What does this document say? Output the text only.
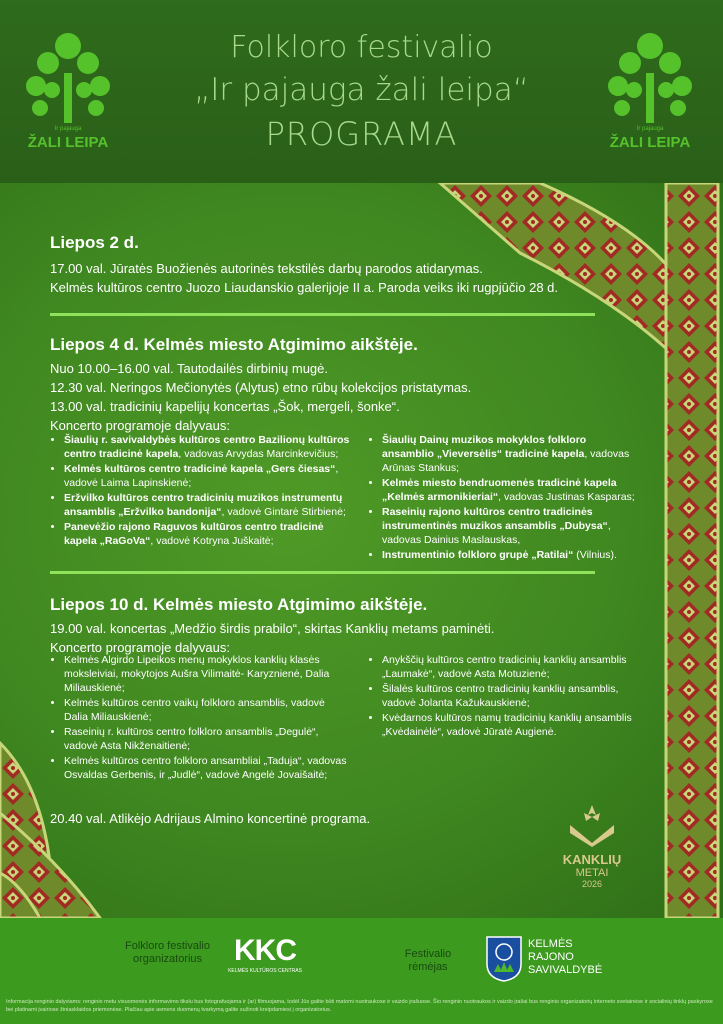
Ir pajauga
ŽALI LEIPA
Ir pajauga
ŽALI LEIPA
Folkloro festivalio
„Ir pajauga žali leipa“
PROGRAMA
Liepos 2 d.
17.00 val. Jūratės Buožienės autorinės tekstilės darbų parodos atidarymas.
Kelmės kultūros centro Juozo Liaudanskio galerijoje II a. Paroda veiks iki rugpjūčio 28 d.
Liepos 4 d. Kelmės miesto Atgimimo aikštėje.
Nuo 10.00–16.00 val. Tautodailės dirbinių mugė.
12.30 val. Neringos Mečionytės (Alytus) etno rūbų kolekcijos pristatymas.
13.00 val. tradicinių kapelijų koncertas „Šok, mergeli, šonke“.
Koncerto programoje dalyvaus:
• Šiaulių r. savivaldybės kultūros centro Bazilionų kultūros centro tradicinė kapela, vadovas Arvydas Marcinkevičius;
• Kelmės kultūros centro tradicinė kapela „Gers čiesas“, vadovė Laima Lapinskienė;
• Eržvilko kultūros centro tradicinių muzikos instrumentų ansamblis „Eržvilko bandonija“, vadovė Gintarė Stirbienė;
• Panevėžio rajono Raguvos kultūros centro tradicinė kapela „RaGoVa“, vadovė Kotryna Juškaitė;
• Šiaulių Dainų muzikos mokyklos folkloro ansamblio „Vieversėlis“ tradicinė kapela, vadovas Arūnas Stankus;
• Kelmės miesto bendruomenės tradicinė kapela „Kelmės armonikieriai“, vadovas Justinas Kasparas;
• Raseinių rajono kultūros centro tradicinės instrumentinės muzikos ansamblis „Dubysa“, vadovas Dainius Maslauskas,
• Instrumentinio folkloro grupė „Ratilai“ (Vilnius).
Liepos 10 d. Kelmės miesto Atgimimo aikštėje.
19.00 val. koncertas „Medžio širdis prabilo“, skirtas Kanklių metams paminėti.
Koncerto programoje dalyvaus:
• Kelmės Algirdo Lipeikos menų mokyklos kanklių klasės moksleiviai, mokytojos Aušra Vilimaitė- Karyznienė, Dalia Miliauskienė;
• Kelmės kultūros centro vaikų folkloro ansamblis, vadovė Dalia Miliauskienė;
• Raseinių r. kultūros centro folkloro ansamblis „Degulė“, vadovė Asta Nikženaitienė;
• Kelmės kultūros centro folkloro ansambliai „Taduja“, vadovas Osvaldas Gerbenis, ir „Judlė“, vadovė Angelė Jovaišaitė;
• Anykščių kultūros centro tradicinių kanklių ansamblis „Laumakė“, vadovė Asta Motuzienė;
• Šilalės kultūros centro tradicinių kanklių ansamblis, vadovė Jolanta Kažukauskienė;
• Kvėdarnos kultūros namų tradicinių kanklių ansamblis „Kvėdainėlė“, vadovė Jūratė Augienė.
20.40 val. Atlikėjo Adrijaus Almino koncertinė programa.
KANKLIŲ
METAI
2026
Folkloro festivalio organizatorius	KKC
KELMĖS KULTŪROS CENTRAS
Festivalio rėmėjas
KELMĖS
RAJONO
SAVIVALDYBĖ
Informacija renginio dalyviams: renginio metu visuomenės informavimo tikslu bus fotografuojama ir (ar) filmuojama, todėl Jūs galite būti matomi nuotraukose ir vaizdo įrašuose. Šio renginio nuotraukos ir vaizdo įrašai bus renginio organizatorių interneto svetainėse ir socialinių tinklų paskyrose bei platinami įvairiose žiniasklaidos priemonėse. Plačiau apie asmens duomenų tvarkymą galite sužinoti kreipdamiesi į organizatorius.
